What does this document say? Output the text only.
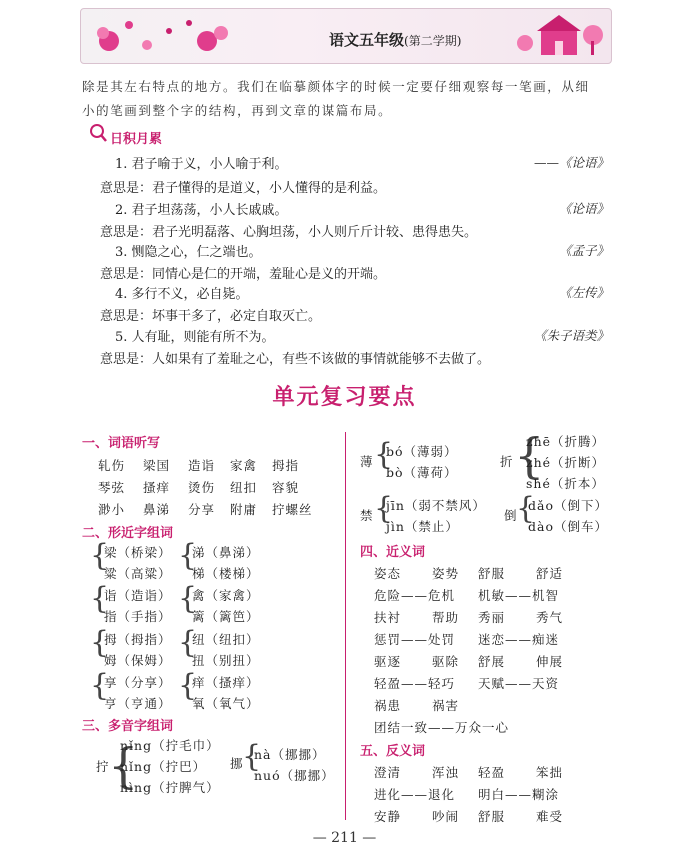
语文五年级(第二学期)
除是其左右特点的地方。我们在临摹颜体字的时候一定要仔细观察每一笔画，从细
小的笔画到整个字的结构，再到文章的谋篇布局。
日积月累
1. 君子喻于义，小人喻于利。	——《论语》
意思是：君子懂得的是道义，小人懂得的是利益。
2. 君子坦荡荡，小人长戚戚。	《论语》
意思是：君子光明磊落、心胸坦荡，小人则斤斤计较、患得患失。
3. 恻隐之心，仁之端也。	《孟子》
意思是：同情心是仁的开端，羞耻心是义的开端。
4. 多行不义，必自毙。	《左传》
意思是：坏事干多了，必定自取灭亡。
5. 人有耻，则能有所不为。	《朱子语类》
意思是：人如果有了羞耻之心，有些不该做的事情就能够不去做了。
单元复习要点
一、词语听写
轧伤 梁国 造诣 家禽 拇指
琴弦 搔痒 烫伤 纽扣 容貌
渺小 鼻涕 分享 附庸 拧螺丝
二、形近字组词
{
梁（桥梁）
粱（高粱）
{
涕（鼻涕）
梯（楼梯）
{
诣（造诣）
指（手指）
{
禽（家禽）
篱（篱笆）
{
拇（拇指）
姆（保姆）
{
纽（纽扣）
扭（别扭）
{
享（分享）
亨（亨通）
{
痒（搔痒）
氧（氧气）
三、多音字组词
拧
{
nǐng（拧毛巾）
nǐng（拧巴）
nìng（拧脾气）
挪
{
nà（挪挪）
nuó（挪挪）
薄 {
bó（薄弱）
bò（薄荷）
折 {
zhē（折腾）
zhé（折断）
shé（折本）
禁 {
jīn（弱不禁风）
jìn（禁止）
倒
{
dǎo（倒下）
dào（倒车）
四、近义词
姿态 姿势 舒服 舒适
危险——危机 机敏——机智
扶衬 帮助 秀丽 秀气
惩罚——处罚 迷恋——痴迷
驱逐 驱除 舒展 伸展
轻盈——轻巧 天赋——天资
祸患 祸害
团结一致——万众一心
五、反义词
澄清 浑浊 轻盈 笨拙
进化——退化 明白——糊涂
安静 吵闹 舒服 难受
— 211 —
